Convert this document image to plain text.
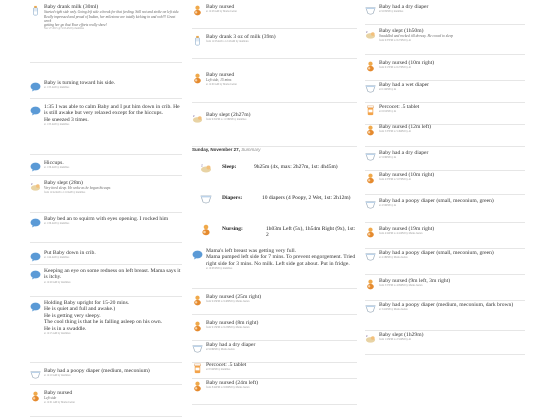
Baby drank milk (30ml)
Started right side only. Going left side a break for that feeding. Still not and strike on left side. Really impressed and proud of Indian, her milestone are totally kicking in and ooh!!! Great work
getting her go that Your efforts really show!
Nov 27 2015 @ 5:18 AM by mumbles
Baby is turning toward his side.
at 1:35 AM by mumbles
1:35 I was able to calm Baby and I put him down in crib. He is still awake but very relaxed except for the hiccups.
He sneezed 3 times.
at 1:35 AM by mumbles
Hiccups.
at 1:36 AM by mumbles
z Baby slept (28m)
Very tired sleep. He woke as he began hiccups
from 12:42AM to 1:10AM by mumbles
Baby bed an to squirm with eyes opening. I rocked him
at 1:36 AM by mumbles
Put Baby down in crib.
at 1:44 AM by mumbles
Keeping an eye on some redness on left breast. Mama says it is itchy.
at 12:29 AM by mumbles
Holding Baby upright for 15-20 mins.
He is quiet and full and awake.)
He is getting very sleepy.
The cool thing is that he is falling asleep on his own.
He is in a swaddle.
at 12:15 AM by mumbles
Baby had a poopy diaper (medium, meconium)
at 12:10 AM by mumbles
Baby nursed
Left side
at 12:01 AM by Mama Jaelan
Baby nursed
at 12:28 AM by Mama Jaelan
Baby drank 3 oz of milk (39m)
from 12:05AM to 12:45AM by mumbles
Baby nursed
Left side, 15 mins
at 12:00 AM by Mama Jaelan
z Baby slept (2h27m)
from 9:31PM to 11:58PM by mumbles
Sunday, November 27, Summary
z	Sleep:	9h25m (4x, max: 2h27m, 1st: 4h45m)
Diapers:	10 diapers (4 Poopy, 2 Wet, 1st: 2h12m)
Nursing:	1h03m Left (5x), 1h54m Right (9x), 1st: 2
Mama's left breast was getting very full.
Mama pumped left side for 7 mins. To prevent engorgement. Tried right side for 3 mins. No milk. Left side got about. Put in fridge.
at 10:08 PM by mumbles
Baby nursed (25m right)
from 9:23PM to 9:48PM by Mama Jaelan
Baby nursed (8m right)
from 9:15PM to 9:23PM by Mama Jaelan
Baby had a dry diaper
at 9:06PM by Mama Jaelan
Percocet: .5 tablet
at 8:52PM by mumbles
Baby nursed (24m left)
from 8:42PM to 9:06PM by Mama Jaelan
Baby had a dry diaper
at 9:05PM by mumbles
z Baby slept (1h50m)
Swaddled and rocked till drowsy. He cooed to sleep
from 6:37PM to 8:27PM by Al
Baby nursed (10m right)
from 6:17PM to 6:27PM by Al
Baby had a wet diaper
at 6:12PM by Al
Percocet: .5 tablet
at 6:01PM by Al
Baby nursed (12m left)
from 5:37PM to 5:49PM by Al
Baby had a dry diaper
at 5:09PM by Al
Baby nursed (10m right)
from 4:57PM to 5:07PM by Al
Baby had a poopy diaper (small, meconium, green)
at 4:50PM by Al
Baby nursed (19m right)
from 4:22PM to 4:41PM by Mama Jaelan
Baby had a poopy diaper (small, meconium, green)
at 4:18PM by Mama Jaelan
Baby nursed (9m left, 3m right)
from 3:57PM to 4:09PM by Mama Jaelan
Baby had a poopy diaper (medium, meconium, dark brown)
at 3:41PM by Mama Jaelan
z Baby slept (1h29m)
from 1:23PM to 2:52PM by Al
